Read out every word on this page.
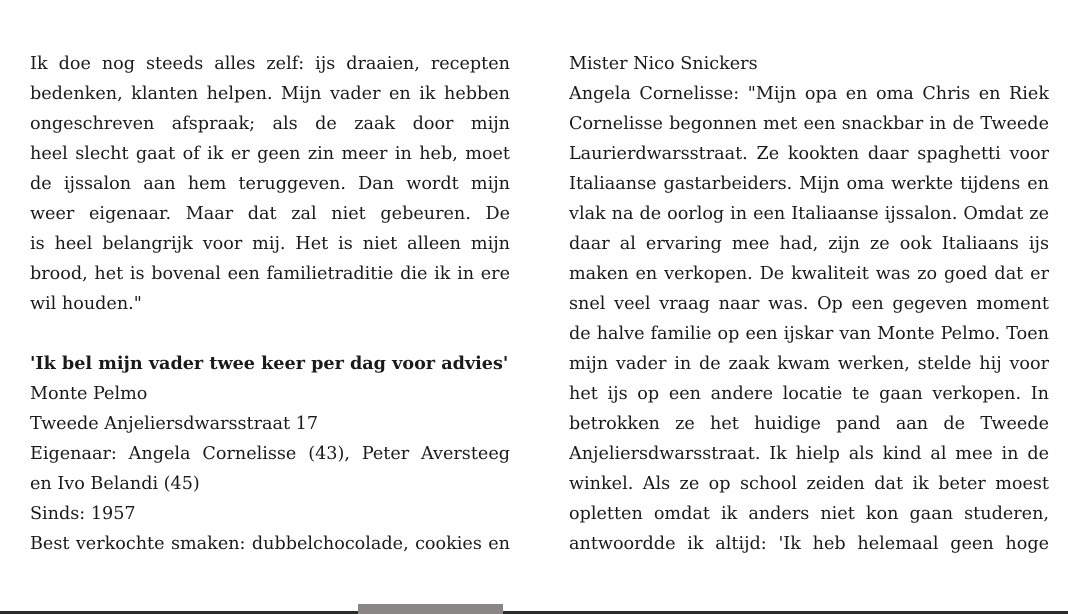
Ik doe nog steeds alles zelf: ijs draaien, recepten
bedenken, klanten helpen. Mijn vader en ik hebben
ongeschreven afspraak; als de zaak door mijn
heel slecht gaat of ik er geen zin meer in heb, moet
de ijssalon aan hem teruggeven. Dan wordt mijn
weer eigenaar. Maar dat zal niet gebeuren. De
is heel belangrijk voor mij. Het is niet alleen mijn
brood, het is bovenal een familietraditie die ik in ere
wil houden."
'Ik bel mijn vader twee keer per dag voor advies'
Monte Pelmo
Tweede Anjeliersdwarsstraat 17
Eigenaar: Angela Cornelisse (43), Peter Aversteeg
en Ivo Belandi (45)
Sinds: 1957
Best verkochte smaken: dubbelchocolade, cookies en
Mister Nico Snickers
Angela Cornelisse: "Mijn opa en oma Chris en Riek
Cornelisse begonnen met een snackbar in de Tweede
Laurierdwarsstraat. Ze kookten daar spaghetti voor
Italiaanse gastarbeiders. Mijn oma werkte tijdens en
vlak na de oorlog in een Italiaanse ijssalon. Omdat ze
daar al ervaring mee had, zijn ze ook Italiaans ijs
maken en verkopen. De kwaliteit was zo goed dat er
snel veel vraag naar was. Op een gegeven moment
de halve familie op een ijskar van Monte Pelmo. Toen
mijn vader in de zaak kwam werken, stelde hij voor
het ijs op een andere locatie te gaan verkopen. In
betrokken ze het huidige pand aan de Tweede
Anjeliersdwarsstraat. Ik hielp als kind al mee in de
winkel. Als ze op school zeiden dat ik beter moest
opletten omdat ik anders niet kon gaan studeren,
antwoordde ik altijd: 'Ik heb helemaal geen hoge
